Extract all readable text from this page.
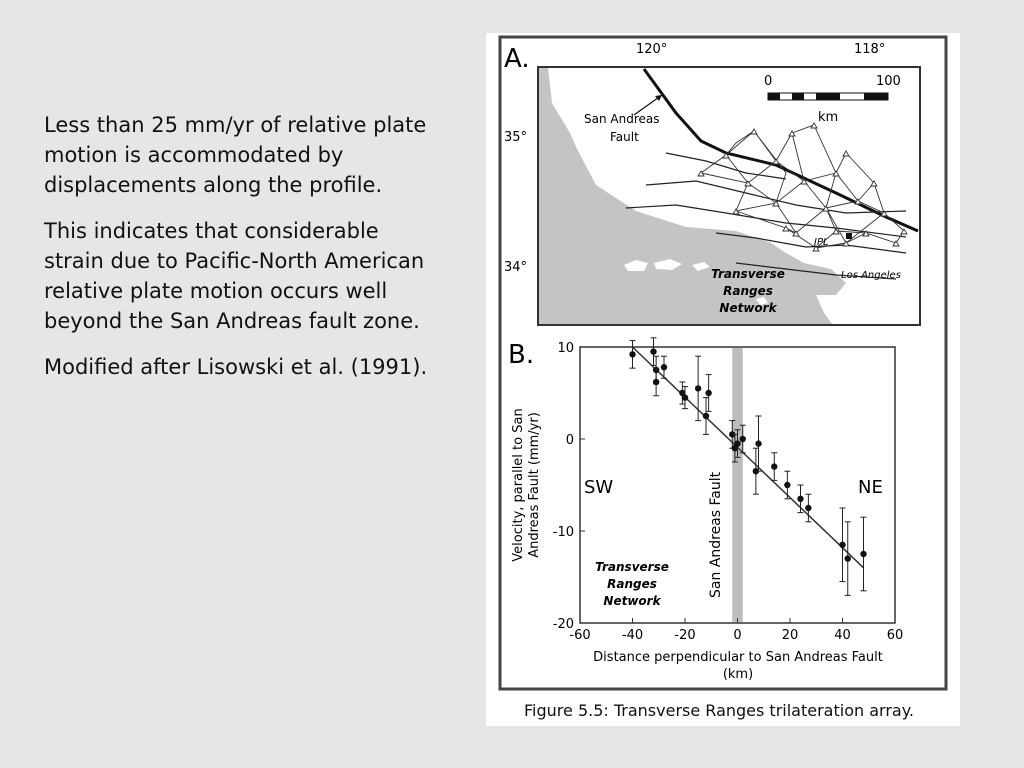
Less than 25 mm/yr of relative plate motion is accommodated by displacements along the profile.

This indicates that considerable strain due to Pacific-North American relative plate motion occurs well beyond the San Andreas fault zone.

Modified after Lisowski et al. (1991).

A.	120°	118°
35°
34°
JPL
Los Angeles
0	100
km
San Andreas
Fault
Transverse
Ranges
Network
B.
SW	NE
San Andreas Fault
Transverse
Ranges
Network
Distance perpendicular to San Andreas Fault
(km)
Velocity, parallel to San Andreas Fault (mm/yr)
-60 -40 -20	0	20	40	60
10
0
-10
-20
Figure 5.5: Transverse Ranges trilateration array.
